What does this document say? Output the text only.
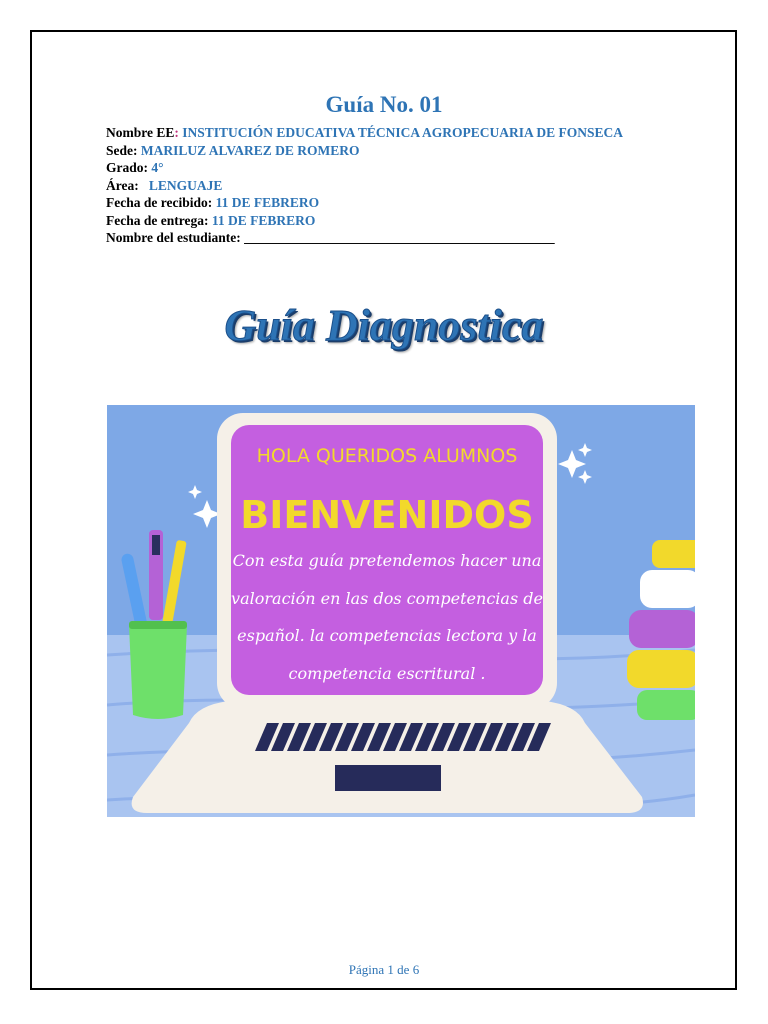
Guía No. 01
Nombre EE: INSTITUCIÓN EDUCATIVA TÉCNICA AGROPECUARIA DE FONSECA
Sede: MARILUZ ALVAREZ DE ROMERO
Grado: 4°
Área:   LENGUAJE
Fecha de recibido: 11 DE FEBRERO
Fecha de entrega: 11 DE FEBRERO
Nombre del estudiante: ______________________________________________
Guía Diagnostica
HOLA QUERIDOS ALUMNOS
BIENVENIDOS
Con esta guía pretendemos hacer una
valoración en las dos competencias de
español. la competencias lectora y la
competencia escritural .
Página 1 de 6
